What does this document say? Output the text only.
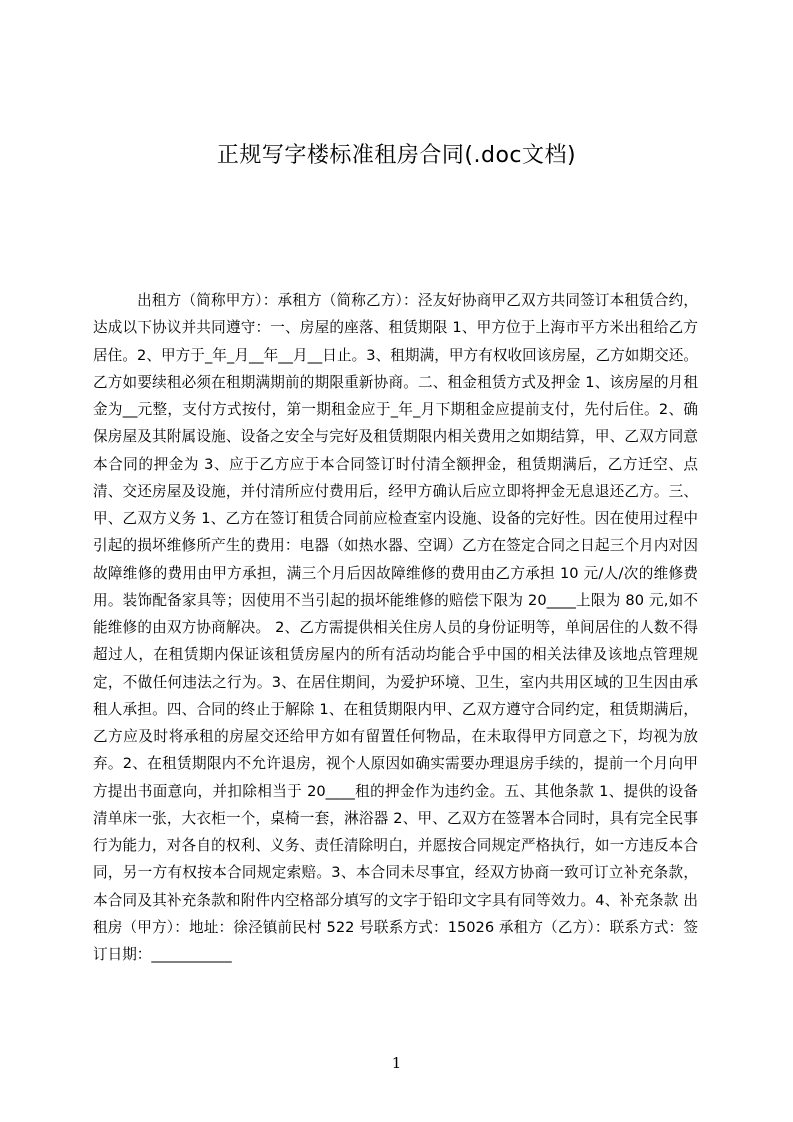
正规写字楼标准租房合同(.doc文档)

出租方（简称甲方）：承租方（简称乙方）：泾友好协商甲乙双方共同签订本租赁合约，达成以下协议并共同遵守：一、房屋的座落、租赁期限 1、甲方位于上海市平方米出租给乙方居住。2、甲方于_年_月__年__月__日止。3、租期满，甲方有权收回该房屋，乙方如期交还。乙方如要续租必须在租期满期前的期限重新协商。二、租金租赁方式及押金 1、该房屋的月租金为__元整，支付方式按付，第一期租金应于_年_月下期租金应提前支付，先付后住。2、确保房屋及其附属设施、设备之安全与完好及租赁期限内相关费用之如期结算，甲、乙双方同意本合同的押金为 3、应于乙方应于本合同签订时付清全额押金，租赁期满后，乙方迁空、点清、交还房屋及设施，并付清所应付费用后，经甲方确认后应立即将押金无息退还乙方。三、甲、乙双方义务 1、乙方在签订租赁合同前应检查室内设施、设备的完好性。因在使用过程中引起的损坏维修所产生的费用：电器（如热水器、空调）乙方在签定合同之日起三个月内对因故障维修的费用由甲方承担，满三个月后因故障维修的费用由乙方承担 10 元/人/次的维修费用。装饰配备家具等；因使用不当引起的损坏能维修的赔偿下限为 20____上限为 80 元,如不能维修的由双方协商解决。 2、乙方需提供相关住房人员的身份证明等，单间居住的人数不得超过人，在租赁期内保证该租赁房屋内的所有活动均能合乎中国的相关法律及该地点管理规定，不做任何违法之行为。3、在居住期间，为爱护环境、卫生，室内共用区域的卫生因由承租人承担。四、合同的终止于解除 1、在租赁期限内甲、乙双方遵守合同约定，租赁期满后，乙方应及时将承租的房屋交还给甲方如有留置任何物品，在未取得甲方同意之下，均视为放弃。2、在租赁期限内不允许退房，视个人原因如确实需要办理退房手续的，提前一个月向甲方提出书面意向，并扣除相当于 20____租的押金作为违约金。五、其他条款 1、提供的设备清单床一张，大衣柜一个，桌椅一套，淋浴器 2、甲、乙双方在签署本合同时，具有完全民事行为能力，对各自的权利、义务、责任清除明白，并愿按合同规定严格执行，如一方违反本合同，另一方有权按本合同规定索赔。3、本合同未尽事宜，经双方协商一致可订立补充条款，本合同及其补充条款和附件内空格部分填写的文字于铅印文字具有同等效力。4、补充条款 出租房（甲方）：地址：徐泾镇前民村 522 号联系方式：15026 承租方（乙方）：联系方式：签订日期：___________

1
